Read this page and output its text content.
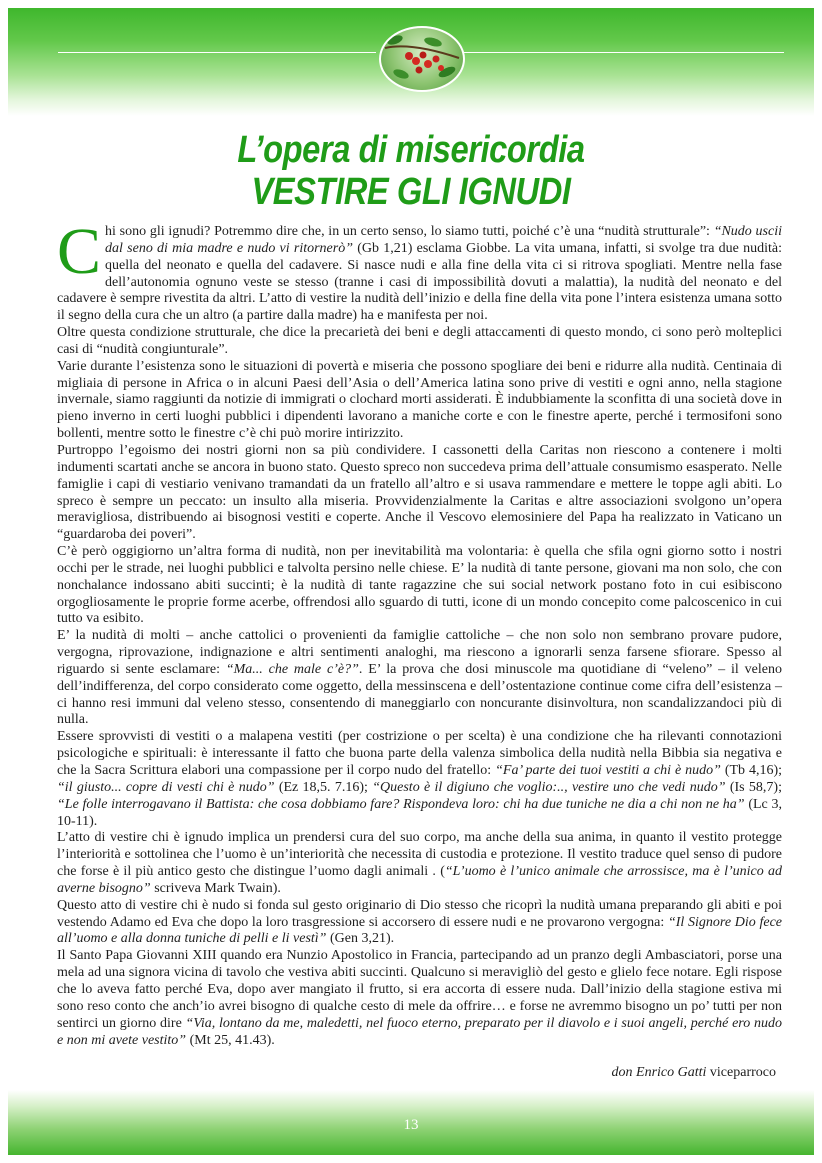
L’opera di misericordia
VESTIRE GLI IGNUDI

Chi sono gli ignudi? Potremmo dire che, in un certo senso, lo siamo tutti, poiché c’è una “nudità strutturale”: “Nudo uscii dal seno di mia madre e nudo vi ritornerò” (Gb 1,21) esclama Giobbe. La vita umana, infatti, si svolge tra due nudità: quella del neonato e quella del cadavere. Si nasce nudi e alla fine della vita ci si ritrova spogliati. Mentre nella fase dell’autonomia ognuno veste se stesso (tranne i casi di impossibilità dovuti a malattia), la nudità del neonato e del cadavere è sempre rivestita da altri. L’atto di vestire la nudità dell’inizio e della fine della vita pone l’intera esistenza umana sotto il segno della cura che un altro (a partire dalla madre) ha e manifesta per noi.

Oltre questa condizione strutturale, che dice la precarietà dei beni e degli attaccamenti di questo mondo, ci sono però molteplici casi di “nudità congiunturale”.

Varie durante l’esistenza sono le situazioni di povertà e miseria che possono spogliare dei beni e ridurre alla nudità. Centinaia di migliaia di persone in Africa o in alcuni Paesi dell’Asia o dell’America latina sono prive di vestiti e ogni anno, nella stagione invernale, siamo raggiunti da notizie di immigrati o clochard morti assiderati. È indubbiamente la sconfitta di una società dove in pieno inverno in certi luoghi pubblici i dipendenti lavorano a maniche corte e con le finestre aperte, perché i termosifoni sono bollenti, mentre sotto le finestre c’è chi può morire intirizzito.

Purtroppo l’egoismo dei nostri giorni non sa più condividere. I cassonetti della Caritas non riescono a contenere i molti indumenti scartati anche se ancora in buono stato. Questo spreco non succedeva prima dell’attuale consumismo esasperato. Nelle famiglie i capi di vestiario venivano tramandati da un fratello all’altro e si usava rammendare e mettere le toppe agli abiti. Lo spreco è sempre un peccato: un insulto alla miseria. Provvidenzialmente la Caritas e altre associazioni svolgono un’opera meravigliosa, distribuendo ai bisognosi vestiti e coperte. Anche il Vescovo elemosiniere del Papa ha realizzato in Vaticano un “guardaroba dei poveri”.

C’è però oggigiorno un’altra forma di nudità, non per inevitabilità ma volontaria: è quella che sfila ogni giorno sotto i nostri occhi per le strade, nei luoghi pubblici e talvolta persino nelle chiese. E’ la nudità di tante persone, giovani ma non solo, che con nonchalance indossano abiti succinti; è la nudità di tante ragazzine che sui social network postano foto in cui esibiscono orgogliosamente le proprie forme acerbe, offrendosi allo sguardo di tutti, icone di un mondo concepito come palcoscenico in cui tutto va esibito.

E’ la nudità di molti – anche cattolici o provenienti da famiglie cattoliche – che non solo non sembrano provare pudore, vergogna, riprovazione, indignazione e altri sentimenti analoghi, ma riescono a ignorarli senza farsene sfiorare. Spesso al riguardo si sente esclamare: “Ma... che male c’è?”. E’ la prova che dosi minuscole ma quotidiane di “veleno” – il veleno dell’indifferenza, del corpo considerato come oggetto, della messinscena e dell’ostentazione continue come cifra dell’esistenza – ci hanno resi immuni dal veleno stesso, consentendo di maneggiarlo con noncurante disinvoltura, non scandalizzandoci più di nulla.

Essere sprovvisti di vestiti o a malapena vestiti (per costrizione o per scelta) è una condizione che ha rilevanti connotazioni psicologiche e spirituali: è interessante il fatto che buona parte della valenza simbolica della nudità nella Bibbia sia negativa e che la Sacra Scrittura elabori una compassione per il corpo nudo del fratello: “Fa’ parte dei tuoi vestiti a chi è nudo” (Tb 4,16); “il giusto... copre di vesti chi è nudo” (Ez 18,5. 7.16); “Questo è il digiuno che voglio:.., vestire uno che vedi nudo” (Is 58,7); “Le folle interrogavano il Battista: che cosa dobbiamo fare? Rispondeva loro: chi ha due tuniche ne dia a chi non ne ha” (Lc 3, 10-11).

L’atto di vestire chi è ignudo implica un prendersi cura del suo corpo, ma anche della sua anima, in quanto il vestito protegge l’interiorità e sottolinea che l’uomo è un’interiorità che necessita di custodia e protezione. Il vestito traduce quel senso di pudore che forse è il più antico gesto che distingue l’uomo dagli animali . (“L’uomo è l’unico animale che arrossisce, ma è l’unico ad averne bisogno” scriveva Mark Twain).

Questo atto di vestire chi è nudo si fonda sul gesto originario di Dio stesso che ricoprì la nudità umana preparando gli abiti e poi vestendo Adamo ed Eva che dopo la loro trasgressione si accorsero di essere nudi e ne provarono vergogna: “Il Signore Dio fece all’uomo e alla donna tuniche di pelli e li vestì” (Gen 3,21).

Il Santo Papa Giovanni XIII quando era Nunzio Apostolico in Francia, partecipando ad un pranzo degli Ambasciatori, porse una mela ad una signora vicina di tavolo che vestiva abiti succinti. Qualcuno si meravigliò del gesto e glielo fece notare. Egli rispose che lo aveva fatto perché Eva, dopo aver mangiato il frutto, si era accorta di essere nuda. Dall’inizio della stagione estiva mi sono reso conto che anch’io avrei bisogno di qualche cesto di mele da offrire… e forse ne avremmo bisogno un po’ tutti per non sentirci un giorno dire “Via, lontano da me, maledetti, nel fuoco eterno, preparato per il diavolo e i suoi angeli, perché ero nudo e non mi avete vestito” (Mt 25, 41.43).

don Enrico Gatti viceparroco
13
